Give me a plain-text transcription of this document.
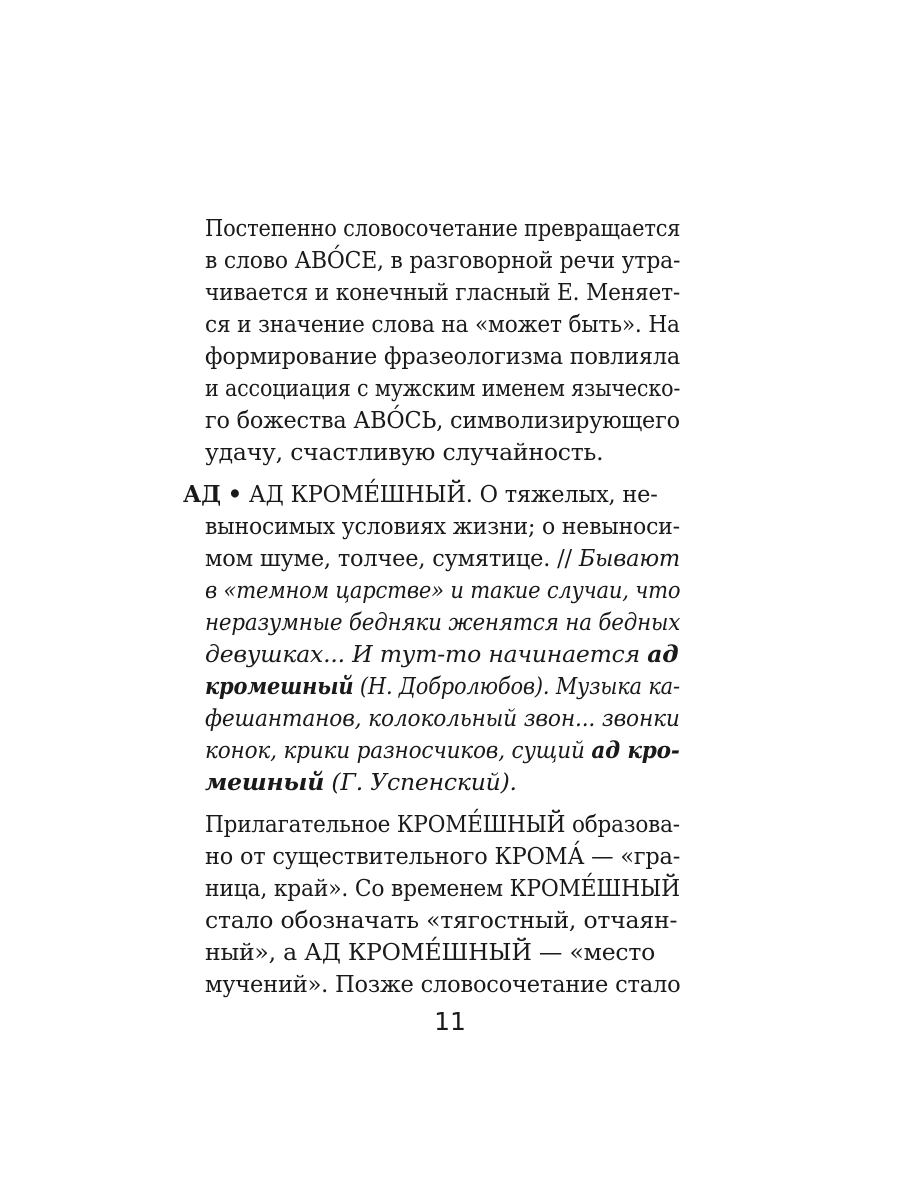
Постепенно словосочетание превращается
в слово АВО́СЕ, в разговорной речи утра-
чивается и конечный гласный Е. Меняет-
ся и значение слова на «может быть». На
формирование фразеологизма повлияла
и ассоциация с мужским именем языческо-
го божества АВО́СЬ, символизирующего
удачу, счастливую случайность.
АД • АД КРОМЕ́ШНЫЙ. О тяжелых, не-
выносимых условиях жизни; о невыноси-
мом шуме, толчее, сумятице. // Бывают
в «темном царстве» и такие случаи, что
неразумные бедняки женятся на бедных
девушках... И тут-то начинается ад
кромешный (Н. Добролюбов). Музыка ка-
фешантанов, колокольный звон... звонки
конок, крики разносчиков, сущий ад кро-
мешный (Г. Успенский).
Прилагательное КРОМЕ́ШНЫЙ образова-
но от существительного КРОМА́ — «гра-
ница, край». Со временем КРОМЕ́ШНЫЙ
стало обозначать «тягостный, отчаян-
ный», а АД КРОМЕ́ШНЫЙ — «место
мучений». Позже словосочетание стало
11
